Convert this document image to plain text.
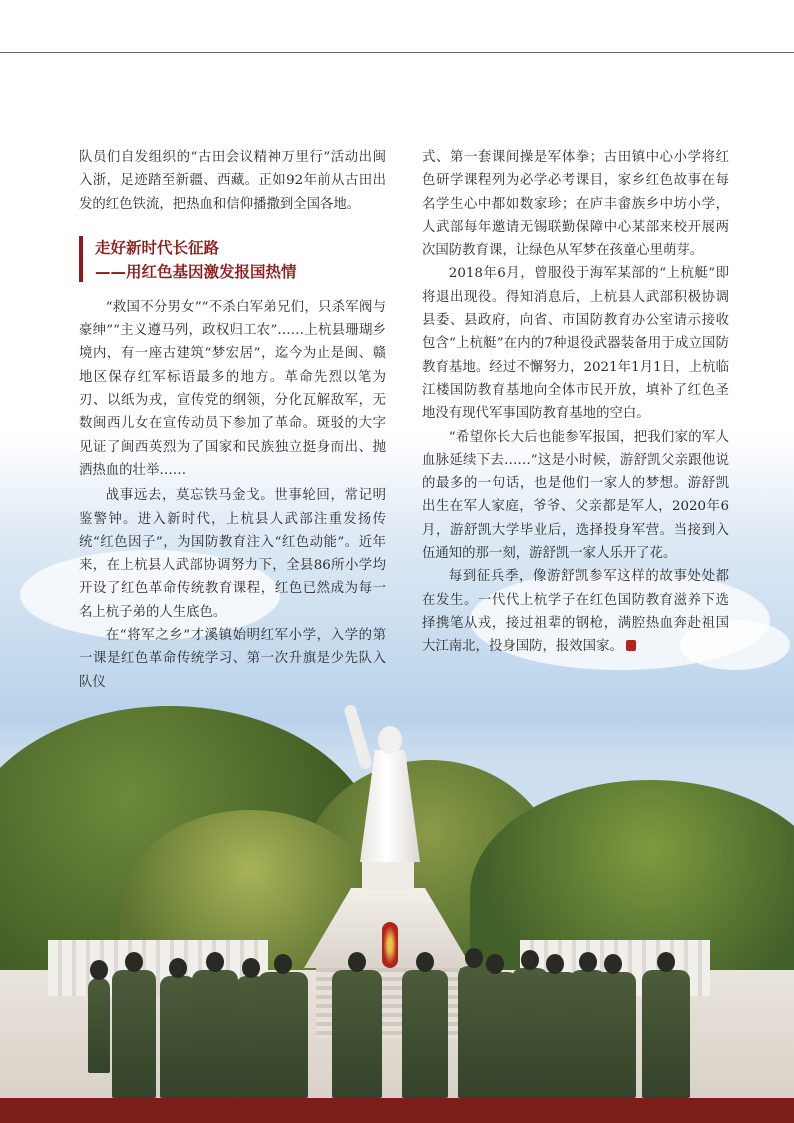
队员们自发组织的“古田会议精神万里行”活动出闽入浙，足迹踏至新疆、西藏。正如92年前从古田出发的红色铁流，把热血和信仰播撒到全国各地。

“救国不分男女”“不杀白军弟兄们，只杀军阀与豪绅”“主义遵马列，政权归工农”……上杭县珊瑚乡境内，有一座古建筑“梦宏居”，迄今为止是闽、赣地区保存红军标语最多的地方。革命先烈以笔为刃、以纸为戎，宣传党的纲领，分化瓦解敌军，无数闽西儿女在宣传动员下参加了革命。斑驳的大字见证了闽西英烈为了国家和民族独立挺身而出、抛洒热血的壮举……

战事远去，莫忘铁马金戈。世事轮回，常记明鉴警钟。进入新时代，上杭县人武部注重发扬传统“红色因子”，为国防教育注入“红色动能”。近年来，在上杭县人武部协调努力下，全县86所小学均开设了红色革命传统教育课程，红色已然成为每一名上杭子弟的人生底色。

在“将军之乡”才溪镇始明红军小学，入学的第一课是红色革命传统学习、第一次升旗是少先队入队仪

走好新时代长征路
——用红色基因激发报国热情

式、第一套课间操是军体拳；古田镇中心小学将红色研学课程列为必学必考课目，家乡红色故事在每名学生心中都如数家珍；在庐丰畲族乡中坊小学，人武部每年邀请无锡联勤保障中心某部来校开展两次国防教育课，让绿色从军梦在孩童心里萌芽。

2018年6月，曾服役于海军某部的“上杭艇”即将退出现役。得知消息后，上杭县人武部积极协调县委、县政府，向省、市国防教育办公室请示接收包含“上杭艇”在内的7种退役武器装备用于成立国防教育基地。经过不懈努力，2021年1月1日，上杭临江楼国防教育基地向全体市民开放，填补了红色圣地没有现代军事国防教育基地的空白。

“希望你长大后也能参军报国，把我们家的军人血脉延续下去……”这是小时候，游舒凯父亲跟他说的最多的一句话，也是他们一家人的梦想。游舒凯出生在军人家庭，爷爷、父亲都是军人，2020年6月，游舒凯大学毕业后，选择投身军营。当接到入伍通知的那一刻，游舒凯一家人乐开了花。

每到征兵季，像游舒凯参军这样的故事处处都在发生。一代代上杭学子在红色国防教育滋养下选择携笔从戎，接过祖辈的钢枪，满腔热血奔赴祖国大江南北，投身国防，报效国家。
